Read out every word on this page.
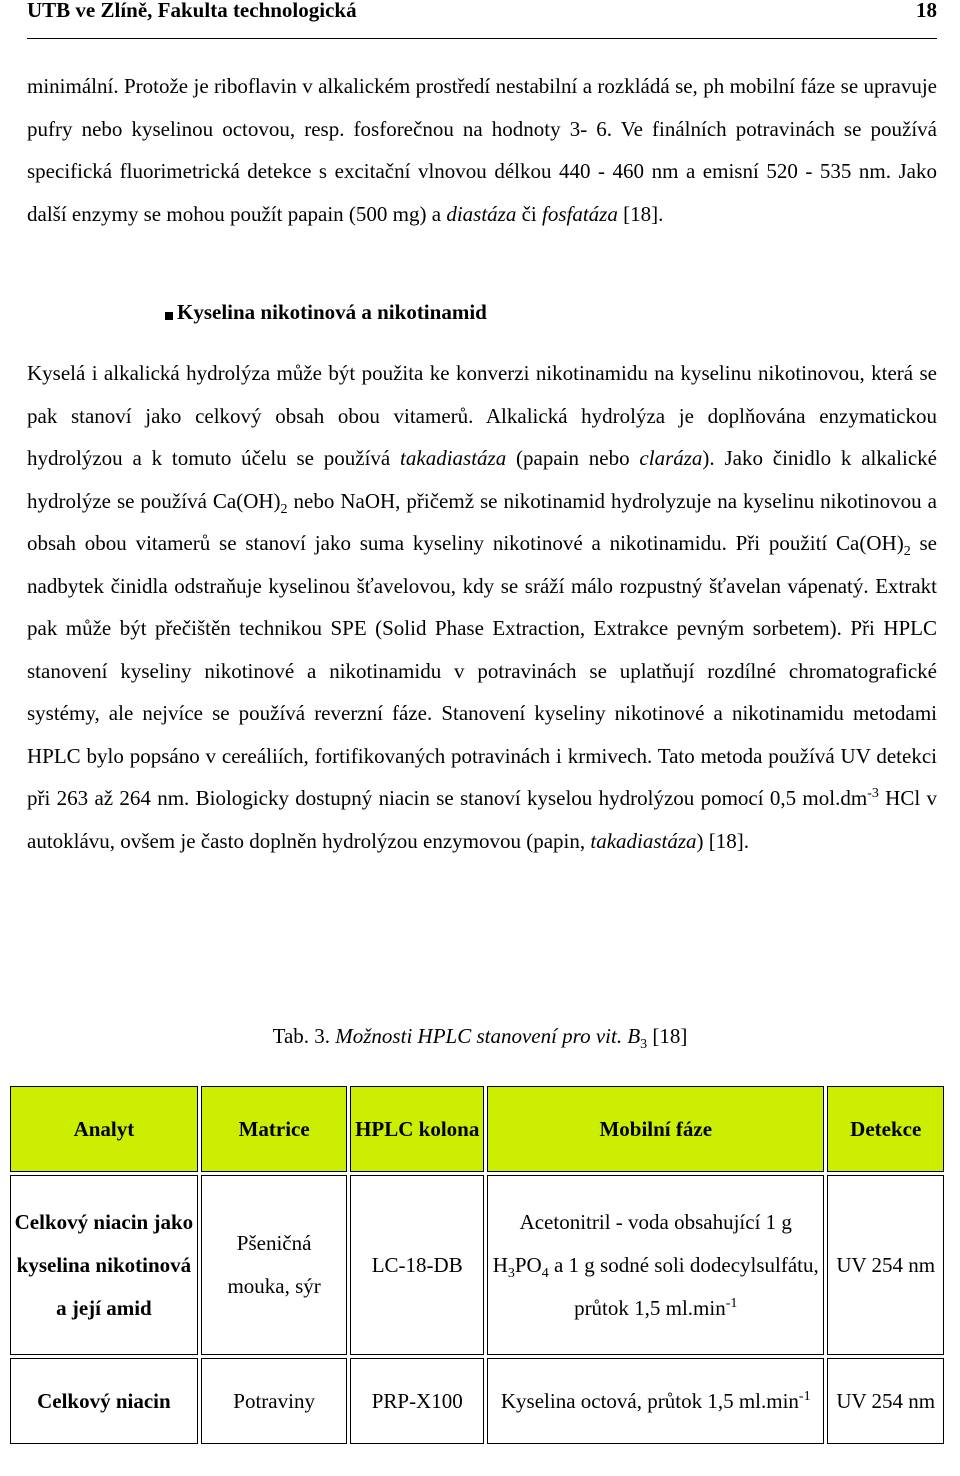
UTB ve Zlíně, Fakulta technologická	18

minimální. Protože je riboflavin v alkalickém prostředí nestabilní a rozkládá se, ph mobilní fáze se upravuje pufry nebo kyselinou octovou, resp. fosforečnou na hodnoty 3- 6. Ve finálních potravinách se používá specifická fluorimetrická detekce s excitační vlnovou délkou 440 - 460 nm a emisní 520 - 535 nm. Jako další enzymy se mohou použít papain (500 mg) a diastáza či fosfatáza [18].

Kyselina nikotinová a nikotinamid

Kyselá i alkalická hydrolýza může být použita ke konverzi nikotinamidu na kyselinu nikotinovou, která se pak stanoví jako celkový obsah obou vitamerů. Alkalická hydrolýza je doplňována enzymatickou hydrolýzou a k tomuto účelu se používá takadiastáza (papain nebo claráza). Jako činidlo k alkalické hydrolýze se používá $Ca(OH)_2$ nebo NaOH, přičemž se nikotinamid hydrolyzuje na kyselinu nikotinovou a obsah obou vitamerů se stanoví jako suma kyseliny nikotinové a nikotinamidu. Při použití $Ca(OH)_2$ se nadbytek činidla odstraňuje kyselinou šťavelovou, kdy se sráží málo rozpustný šťavelan vápenatý. Extrakt pak může být přečištěn technikou SPE (Solid Phase Extraction, Extrakce pevným sorbetem). Při HPLC stanovení kyseliny nikotinové a nikotinamidu v potravinách se uplatňují rozdílné chromatografické systémy, ale nejvíce se používá reverzní fáze. Stanovení kyseliny nikotinové a nikotinamidu metodami HPLC bylo popsáno v cereáliích, fortifikovaných potravinách i krmivech. Tato metoda používá UV detekci při 263 až 264 nm. Biologicky dostupný niacin se stanoví kyselou hydrolýzou pomocí 0,5 $mol.dm^{-3}$ HCl v autoklávu, ovšem je často doplněn hydrolýzou enzymovou (papin, takadiastáza) [18].

Tab. 3. Možnosti HPLC stanovení pro vit. $B_3$ [18]
Analyt	Matrice	HPLC kolona	Mobilní fáze	Detekce
Celkový niacin jako kyselina nikotinová a její amid	Pšeničná mouka, sýr	LC-18-DB	Acetonitril - voda obsahující 1 g $H_3PO_4$ a 1 g sodné soli dodecylsulfátu, průtok 1,5 $ml.\min^{-1}$	UV 254 nm
Celkový niacin	Potraviny	PRP-X100	Kyselina octová, průtok 1,5 $ml.\min^{-1}$	UV 254 nm
